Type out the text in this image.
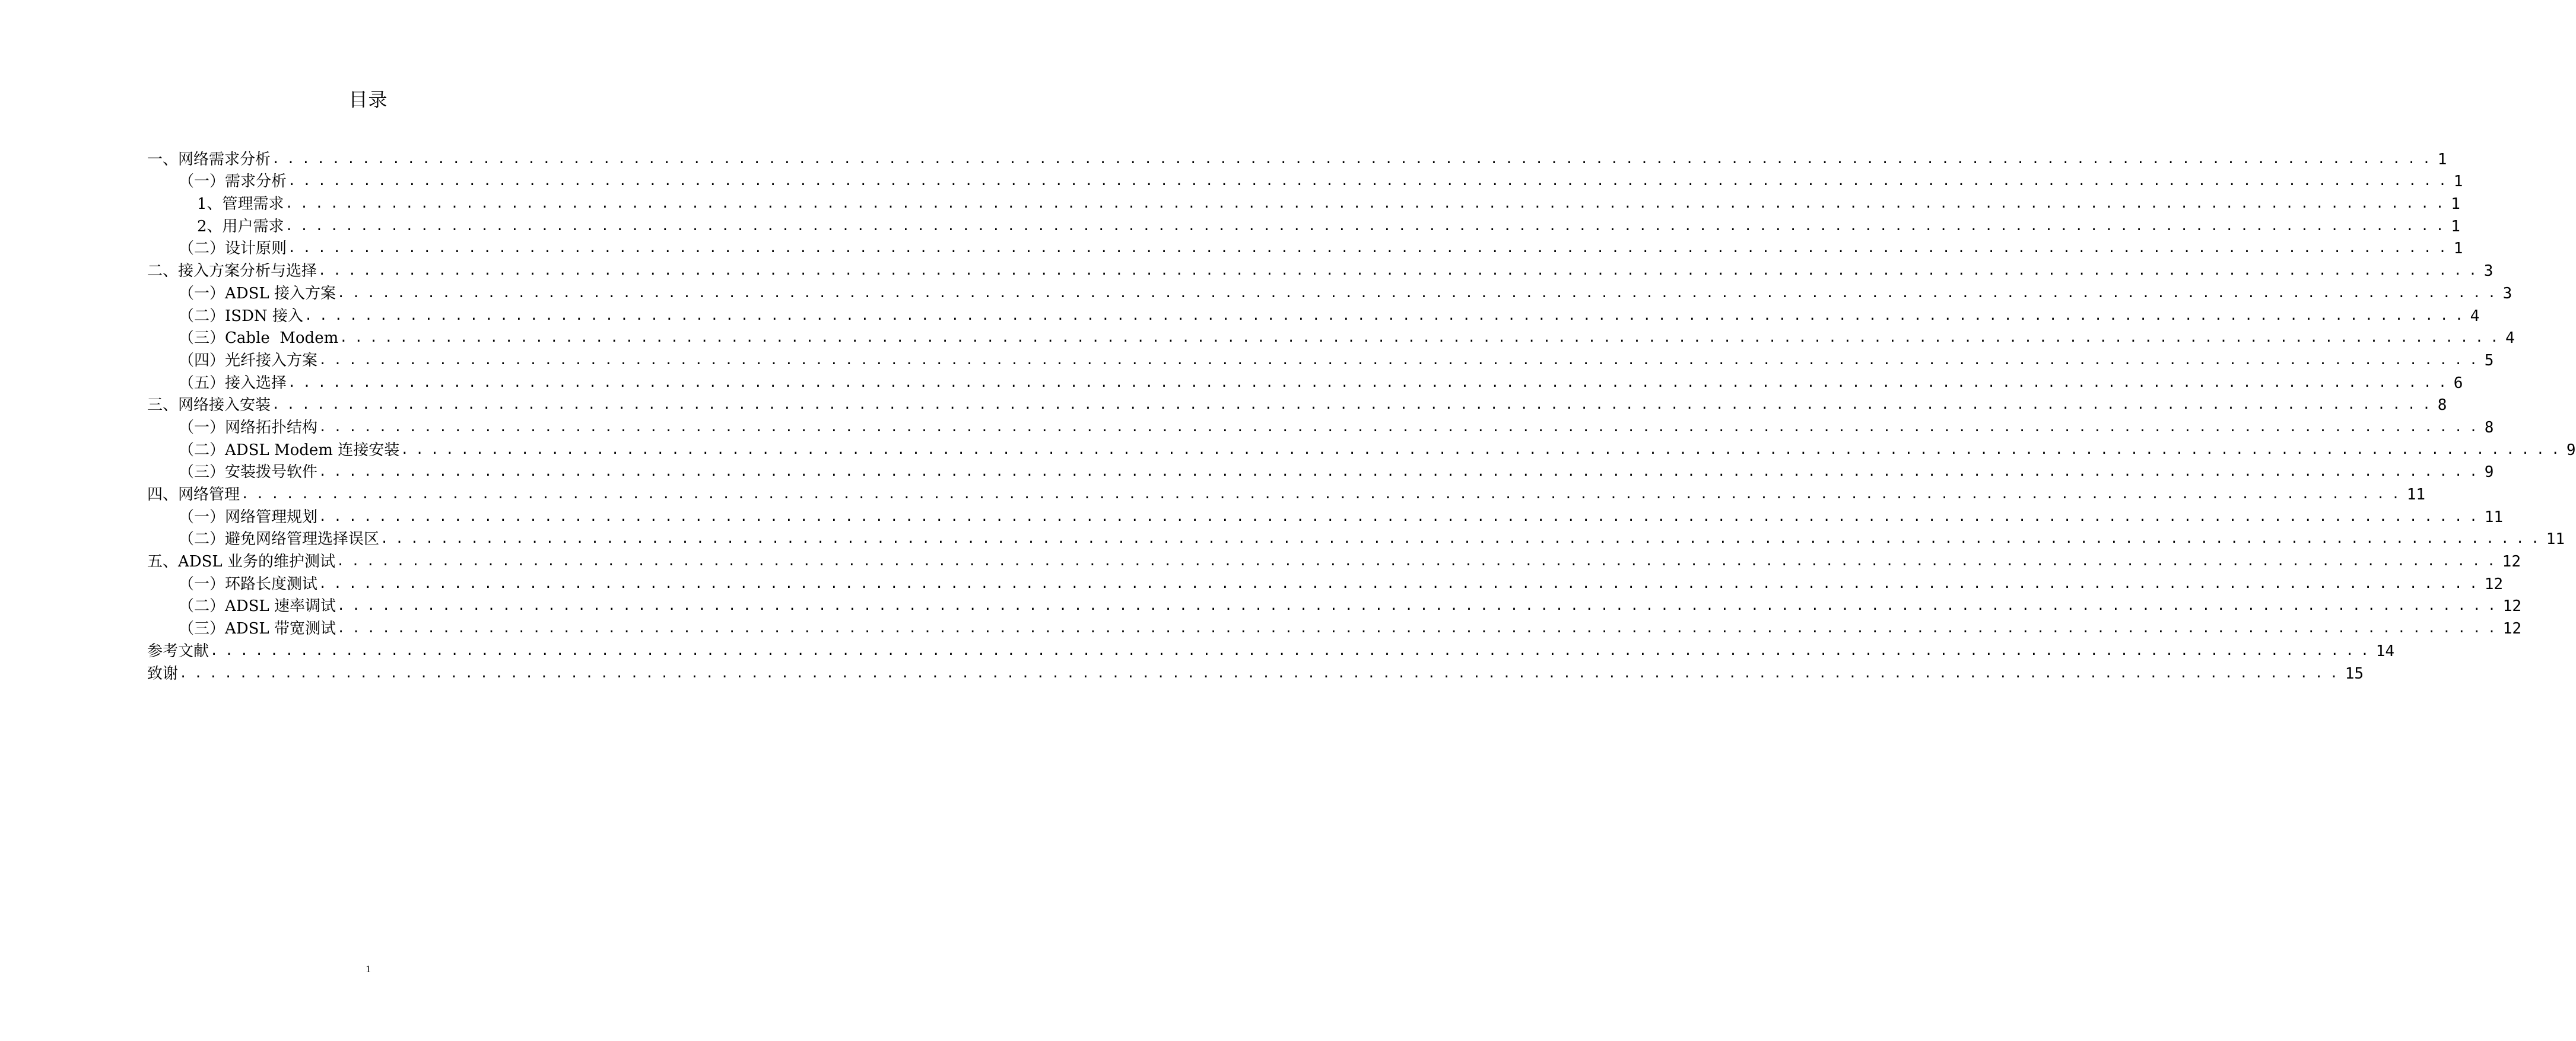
目录
一、网络需求分析 ................................................................................................................................................ 1
（一）需求分析 ................................................................................................................................................ 1
1、管理需求 ................................................................................................................................................ 1
2、用户需求 ................................................................................................................................................ 1
（二）设计原则 ................................................................................................................................................ 1
二、接入方案分析与选择 ................................................................................................................................................ 3
（一）ADSL 接入方案 ................................................................................................................................................ 3
（二）ISDN 接入 ................................................................................................................................................ 4
（三）Cable  Modem ................................................................................................................................................ 4
（四）光纤接入方案 ................................................................................................................................................ 5
（五）接入选择 ................................................................................................................................................ 6
三、网络接入安装 ................................................................................................................................................ 8
（一）网络拓扑结构 ................................................................................................................................................ 8
（二）ADSL Modem 连接安装 ................................................................................................................................................ 9
（三）安装拨号软件 ................................................................................................................................................ 9
四、网络管理 ................................................................................................................................................ 11
（一）网络管理规划 ................................................................................................................................................ 11
（二）避免网络管理选择误区 ................................................................................................................................................ 11
五、ADSL 业务的维护测试 ................................................................................................................................................ 12
（一）环路长度测试 ................................................................................................................................................ 12
（二）ADSL 速率调试 ................................................................................................................................................ 12
（三）ADSL 带宽测试 ................................................................................................................................................ 12
参考文献 ................................................................................................................................................ 14
致谢 ................................................................................................................................................ 15
1
